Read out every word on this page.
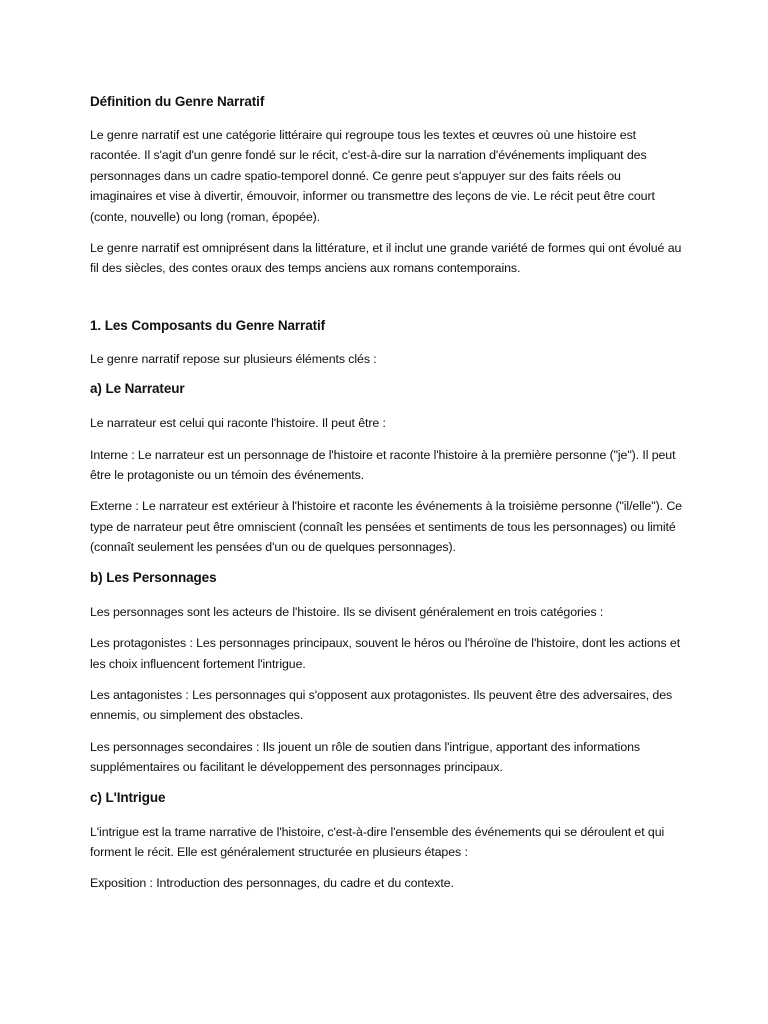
Définition du Genre Narratif

Le genre narratif est une catégorie littéraire qui regroupe tous les textes et œuvres où une histoire est racontée. Il s'agit d'un genre fondé sur le récit, c'est-à-dire sur la narration d'événements impliquant des personnages dans un cadre spatio-temporel donné. Ce genre peut s'appuyer sur des faits réels ou imaginaires et vise à divertir, émouvoir, informer ou transmettre des leçons de vie. Le récit peut être court (conte, nouvelle) ou long (roman, épopée).

Le genre narratif est omniprésent dans la littérature, et il inclut une grande variété de formes qui ont évolué au fil des siècles, des contes oraux des temps anciens aux romans contemporains.

1. Les Composants du Genre Narratif

Le genre narratif repose sur plusieurs éléments clés :

a) Le Narrateur

Le narrateur est celui qui raconte l'histoire. Il peut être :

Interne : Le narrateur est un personnage de l'histoire et raconte l'histoire à la première personne ("je"). Il peut être le protagoniste ou un témoin des événements.

Externe : Le narrateur est extérieur à l'histoire et raconte les événements à la troisième personne ("il/elle"). Ce type de narrateur peut être omniscient (connaît les pensées et sentiments de tous les personnages) ou limité (connaît seulement les pensées d'un ou de quelques personnages).

b) Les Personnages

Les personnages sont les acteurs de l'histoire. Ils se divisent généralement en trois catégories :

Les protagonistes : Les personnages principaux, souvent le héros ou l'héroïne de l'histoire, dont les actions et les choix influencent fortement l'intrigue.

Les antagonistes : Les personnages qui s'opposent aux protagonistes. Ils peuvent être des adversaires, des ennemis, ou simplement des obstacles.

Les personnages secondaires : Ils jouent un rôle de soutien dans l'intrigue, apportant des informations supplémentaires ou facilitant le développement des personnages principaux.

c) L'Intrigue

L'intrigue est la trame narrative de l'histoire, c'est-à-dire l'ensemble des événements qui se déroulent et qui forment le récit. Elle est généralement structurée en plusieurs étapes :

Exposition : Introduction des personnages, du cadre et du contexte.
